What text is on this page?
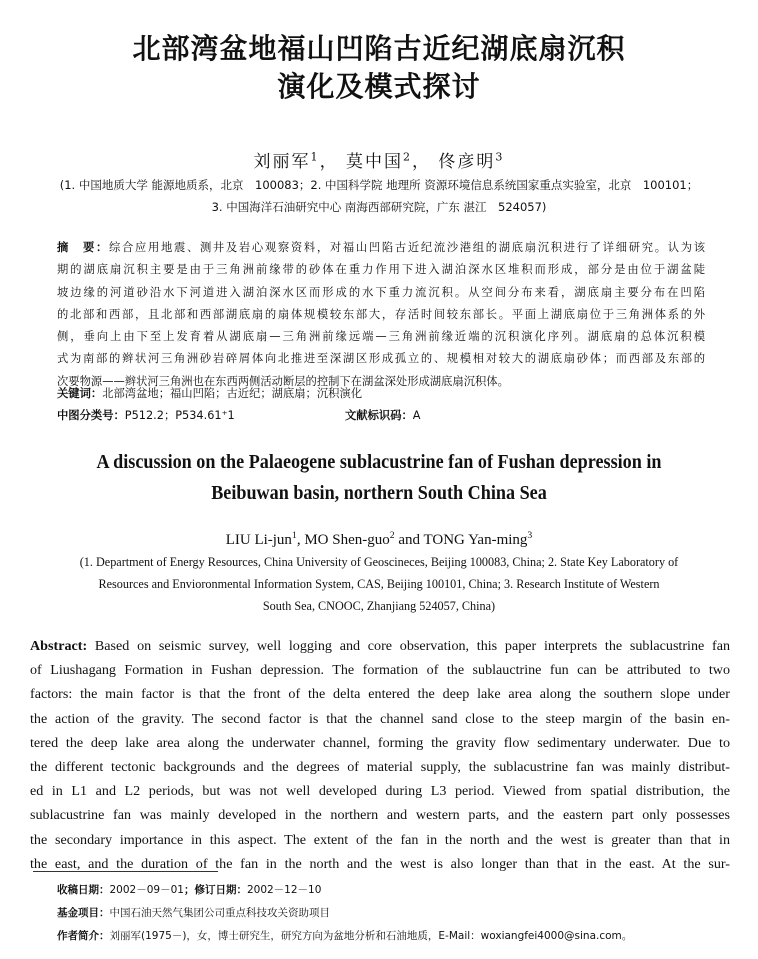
北部湾盆地福山凹陷古近纪湖底扇沉积
演化及模式探讨
刘丽军$^1$， 莫中国$^2$， 佟彦明$^3$
(1. 中国地质大学 能源地质系，北京　100083；2. 中国科学院 地理所 资源环境信息系统国家重点实验室，北京　100101；
3. 中国海洋石油研究中心 南海西部研究院，广东 湛江　524057)
摘　要：综合应用地震、测井及岩心观察资料，对福山凹陷古近纪流沙港组的湖底扇沉积进行了详细研究。认为该
期的湖底扇沉积主要是由于三角洲前缘带的砂体在重力作用下进入湖泊深水区堆积而形成，部分是由位于湖盆陡
坡边缘的河道砂沿水下河道进入湖泊深水区而形成的水下重力流沉积。从空间分布来看，湖底扇主要分布在凹陷
的北部和西部，且北部和西部湖底扇的扇体规模较东部大，存活时间较东部长。平面上湖底扇位于三角洲体系的外
侧，垂向上由下至上发育着从湖底扇—三角洲前缘远端—三角洲前缘近端的沉积演化序列。湖底扇的总体沉积模
式为南部的辫状河三角洲砂岩碎屑体向北推进至深湖区形成孤立的、规模相对较大的湖底扇砂体；而西部及东部的
次要物源——辫状河三角洲也在东西两侧活动断层的控制下在湖盆深处形成湖底扇沉积体。
关键词：北部湾盆地；福山凹陷；古近纪；湖底扇；沉积演化
中图分类号：P512.2；P534.61⁺1	文献标识码：A
A discussion on the Palaeogene sublacustrine fan of Fushan depression in
Beibuwan basin, northern South China Sea
LIU Li-jun$^1$, MO Shen-guo$^2$ and TONG Yan-ming$^3$
(1. Department of Energy Resources, China University of Geoscineces, Beijing 100083, China; 2. State Key Laboratory of
Resources and Envioronmental Information System, CAS, Beijing 100101, China; 3. Research Institute of Western
South Sea, CNOOC, Zhanjiang 524057, China)
Abstract: Based on seismic survey, well logging and core observation, this paper interprets the sublacustrine fan
of Liushagang Formation in Fushan depression. The formation of the sublauctrine fun can be attributed to two
factors: the main factor is that the front of the delta entered the deep lake area along the southern slope under
the action of the gravity. The second factor is that the channel sand close to the steep margin of the basin en-
tered the deep lake area along the underwater channel, forming the gravity flow sedimentary underwater. Due to
the different tectonic backgrounds and the degrees of material supply, the sublacustrine fan was mainly distribut-
ed in L1 and L2 periods, but was not well developed during L3 period. Viewed from spatial distribution, the
sublacustrine fan was mainly developed in the northern and western parts, and the eastern part only possesses
the secondary importance in this aspect. The extent of the fan in the north and the west is greater than that in
the east, and the duration of the fan in the north and the west is also longer than that in the east. At the sur-
收稿日期：2002－09－01；修订日期：2002－12－10
基金项目：中国石油天然气集团公司重点科技攻关资助项目
作者简介：刘丽军(1975－)，女，博士研究生，研究方向为盆地分析和石油地质，E-Mail：woxiangfei4000@sina.com。
